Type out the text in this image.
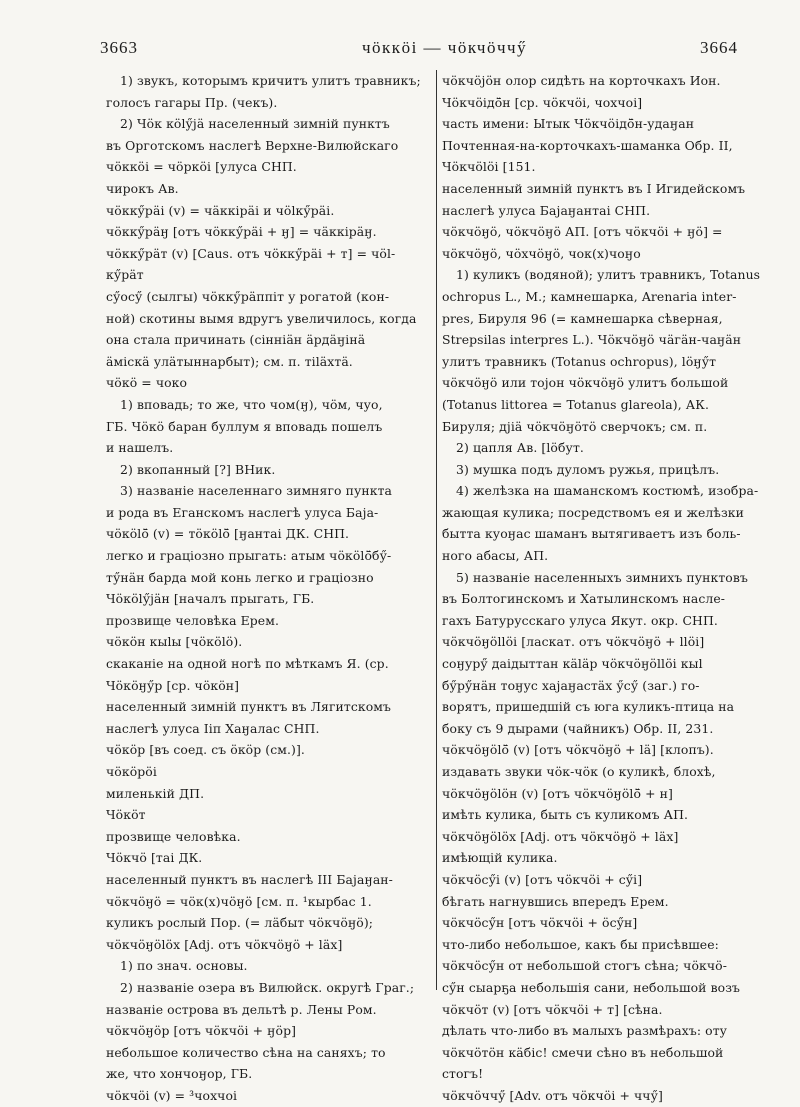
3663	чӧккӧі — чӧкчӧччӳ	3664
1) звукъ, которымъ кричитъ улитъ травникъ;
голосъ гагары Пр. (чекъ).
2) Чӧк кӧlӳјӓ населенный зимній пунктъ
въ Орготскомъ наслегѣ Верхне-Вилюйскаго
чӧккӧі = чӧркӧі [улуса СНП.
чирокъ Ав.
чӧккӳрӓі (v) = чӓккірӓі и чӧlкӳрӓі.
чӧккӳрӓӈ [отъ чӧккӳрӓі + ӈ] = чӓккірӓӈ.
чӧккӳрӓт (v) [Caus. отъ чӧккӳрӓі + т] = чӧl-
кӳрӓт
сӳосӳ (сылгы) чӧккӳрӓппіт у рогатой (кон-
ной) скотины вымя вдругъ увеличилось, когда
она стала причинать (сіннiӓн ӓрдӓӈінӓ
ӓміскӓ улӓтыннарбыт); см. п. тіlӓхтӓ.
чӧкӧ = чоко
1) вповадь; то же, что чом(ӈ), чӧм, чуо,
ГБ. Чӧкӧ баран буллум я вповадь пошелъ
и нашелъ.
2) вкопанный [?] ВНик.
3) названіе населеннаго зимняго пункта
и рода въ Еганскомъ наслегѣ улуса Баја-
чӧкӧlӧ̄ (v) = тӧкӧlӧ̄ [ӈантаі ДК. СНП.
легко и граціозно прыгать: атым чӧкӧlӧ̄бӳ-
тӳнӓн барда мой конь легко и граціозно
Чӧкӧlӳјӓн [началъ прыгать, ГБ.
прозвище человѣка Ерем.
чӧкӧн кыlы [чӧкӧlӧ).
скаканіе на одной ногѣ по мѣткамъ Я. (ср.
Чӧкӧӈӳр [ср. чӧкӧн]
населенный зимній пунктъ въ Лягитскомъ
наслегѣ улуса Ііп Хаӈалас СНП.
чӧкӧр [въ соед. съ ӧкӧр (см.)].
чӧкӧрӧі
миленькій ДП.
Чӧкӧт
прозвище человѣка.
Чӧкчӧ [таі ДК.
населенный пунктъ въ наслегѣ III Баjаӈан-
чӧкчӧӈӧ = чӧк(х)чӧӈӧ [см. п. ¹кырбас 1.
куликъ рослый Пор. (= лӓбыт чӧкчӧӈӧ);
чӧкчӧӈӧlӧх [Adj. отъ чӧкчӧӈӧ + lӓх]
1) по знач. основы.
2) названіе озера въ Вилюйск. округѣ Граг.;
названіе острова въ дельтѣ р. Лены Ром.
чӧкчӧӈӧр [отъ чӧкчӧі + ӈӧр]
небольшое количество сѣна на саняхъ; то
же, что хончоӈор, ГБ.
чӧкчӧі (v) = ³чохчоі
чӧкчӧјӧн олор сидѣть на корточкахъ Ион.
Чӧкчӧідӧ̄н [ср. чӧкчӧі, чохчоі]
часть имени: Ытык Чӧкчӧідӧ̄н-удаӈан
Почтенная-на-корточкахъ-шаманка Обр. II,
Чӧкчӧlӧі [151.
населенный зимній пунктъ въ I Игидейскомъ
наслегѣ улуса Баjаӈантаі СНП.
чӧкчӧӈӧ, чӧкчӧӈӧ АП. [отъ чӧкчӧі + ӈӧ] =
чӧкчӧӈӧ, чӧхчӧӈӧ, чок(х)чоӈо
1) куликъ (водяной); улитъ травникъ, Totanus
ochropus L., М.; камнешарка, Arenaria inter-
pres, Бируля 96 (= камнешарка сѣверная,
Strepsilas interpres L.). Чӧкчӧӈӧ чӓгӓн-чаӈӓн
улитъ травникъ (Totanus ochropus), lӧӈӳт
чӧкчӧӈӧ или тојон чӧкчӧӈӧ улитъ большой
(Totanus littorea = Totanus glareola), АК.
Бируля; дjiӓ чӧкчӧӈӧтӧ сверчокъ; см. п.
2) цапля Ав. [lӧбут.
3) мушка подъ дуломъ ружья, прицѣлъ.
4) желѣзка на шаманскомъ костюмѣ, изобра-
жающая кулика; посредствомъ ея и желѣзки
бытта куоӈас шаманъ вытягиваетъ изъ боль-
ного абасы, АП.
5) названіе населенныхъ зимнихъ пунктовъ
въ Болтогинскомъ и Хатылинскомъ наслe-
гахъ Батурусскаго улуса Якут. окр. СНП.
чӧкчӧӈӧllӧі [ласкат. отъ чӧкчӧӈӧ + llӧі]
соӈурӳ даідыттан кӓlӓр чӧкчӧӈӧllӧі кыl
бӳрӳнӓн тоӈус хаjаӈастӓх ӳсӳ (заг.) го-
ворятъ, пришедшій съ юга куликъ-птица на
боку съ 9 дырами (чайникъ) Обр. II, 231.
чӧкчӧӈӧlӧ̄ (v) [отъ чӧкчӧӈӧ + lӓ] [клопъ).
издавать звуки чӧк-чӧк (о куликѣ, блохѣ,
чӧкчӧӈӧlӧн (v) [отъ чӧкчӧӈӧlӧ̄ + н]
имѣть кулика, быть съ куликомъ АП.
чӧкчӧӈӧlӧх [Adj. отъ чӧкчӧӈӧ + lӓх]
имѣющій кулика.
чӧкчӧсӳі (v) [отъ чӧкчӧі + сӳі]
бѣгать нагнувшись впередъ Ерем.
чӧкчӧсӳн [отъ чӧкчӧі + ӧсӳн]
что-либо небольшое, какъ бы присѣвшее:
чӧкчӧсӳн от небольшой стогъ сѣна; чӧкчӧ-
сӳн сыарҕа небольшія сани, небольшой возъ
чӧкчӧт (v) [отъ чӧкчӧі + т] [сѣна.
дѣлать что-либо въ малыхъ размѣрахъ: оту
чӧкчӧтӧн кӓбіс! смечи сѣно въ небольшой
стогъ!
чӧкчӧччӳ [Adv. отъ чӧкчӧі + ччӳ]
